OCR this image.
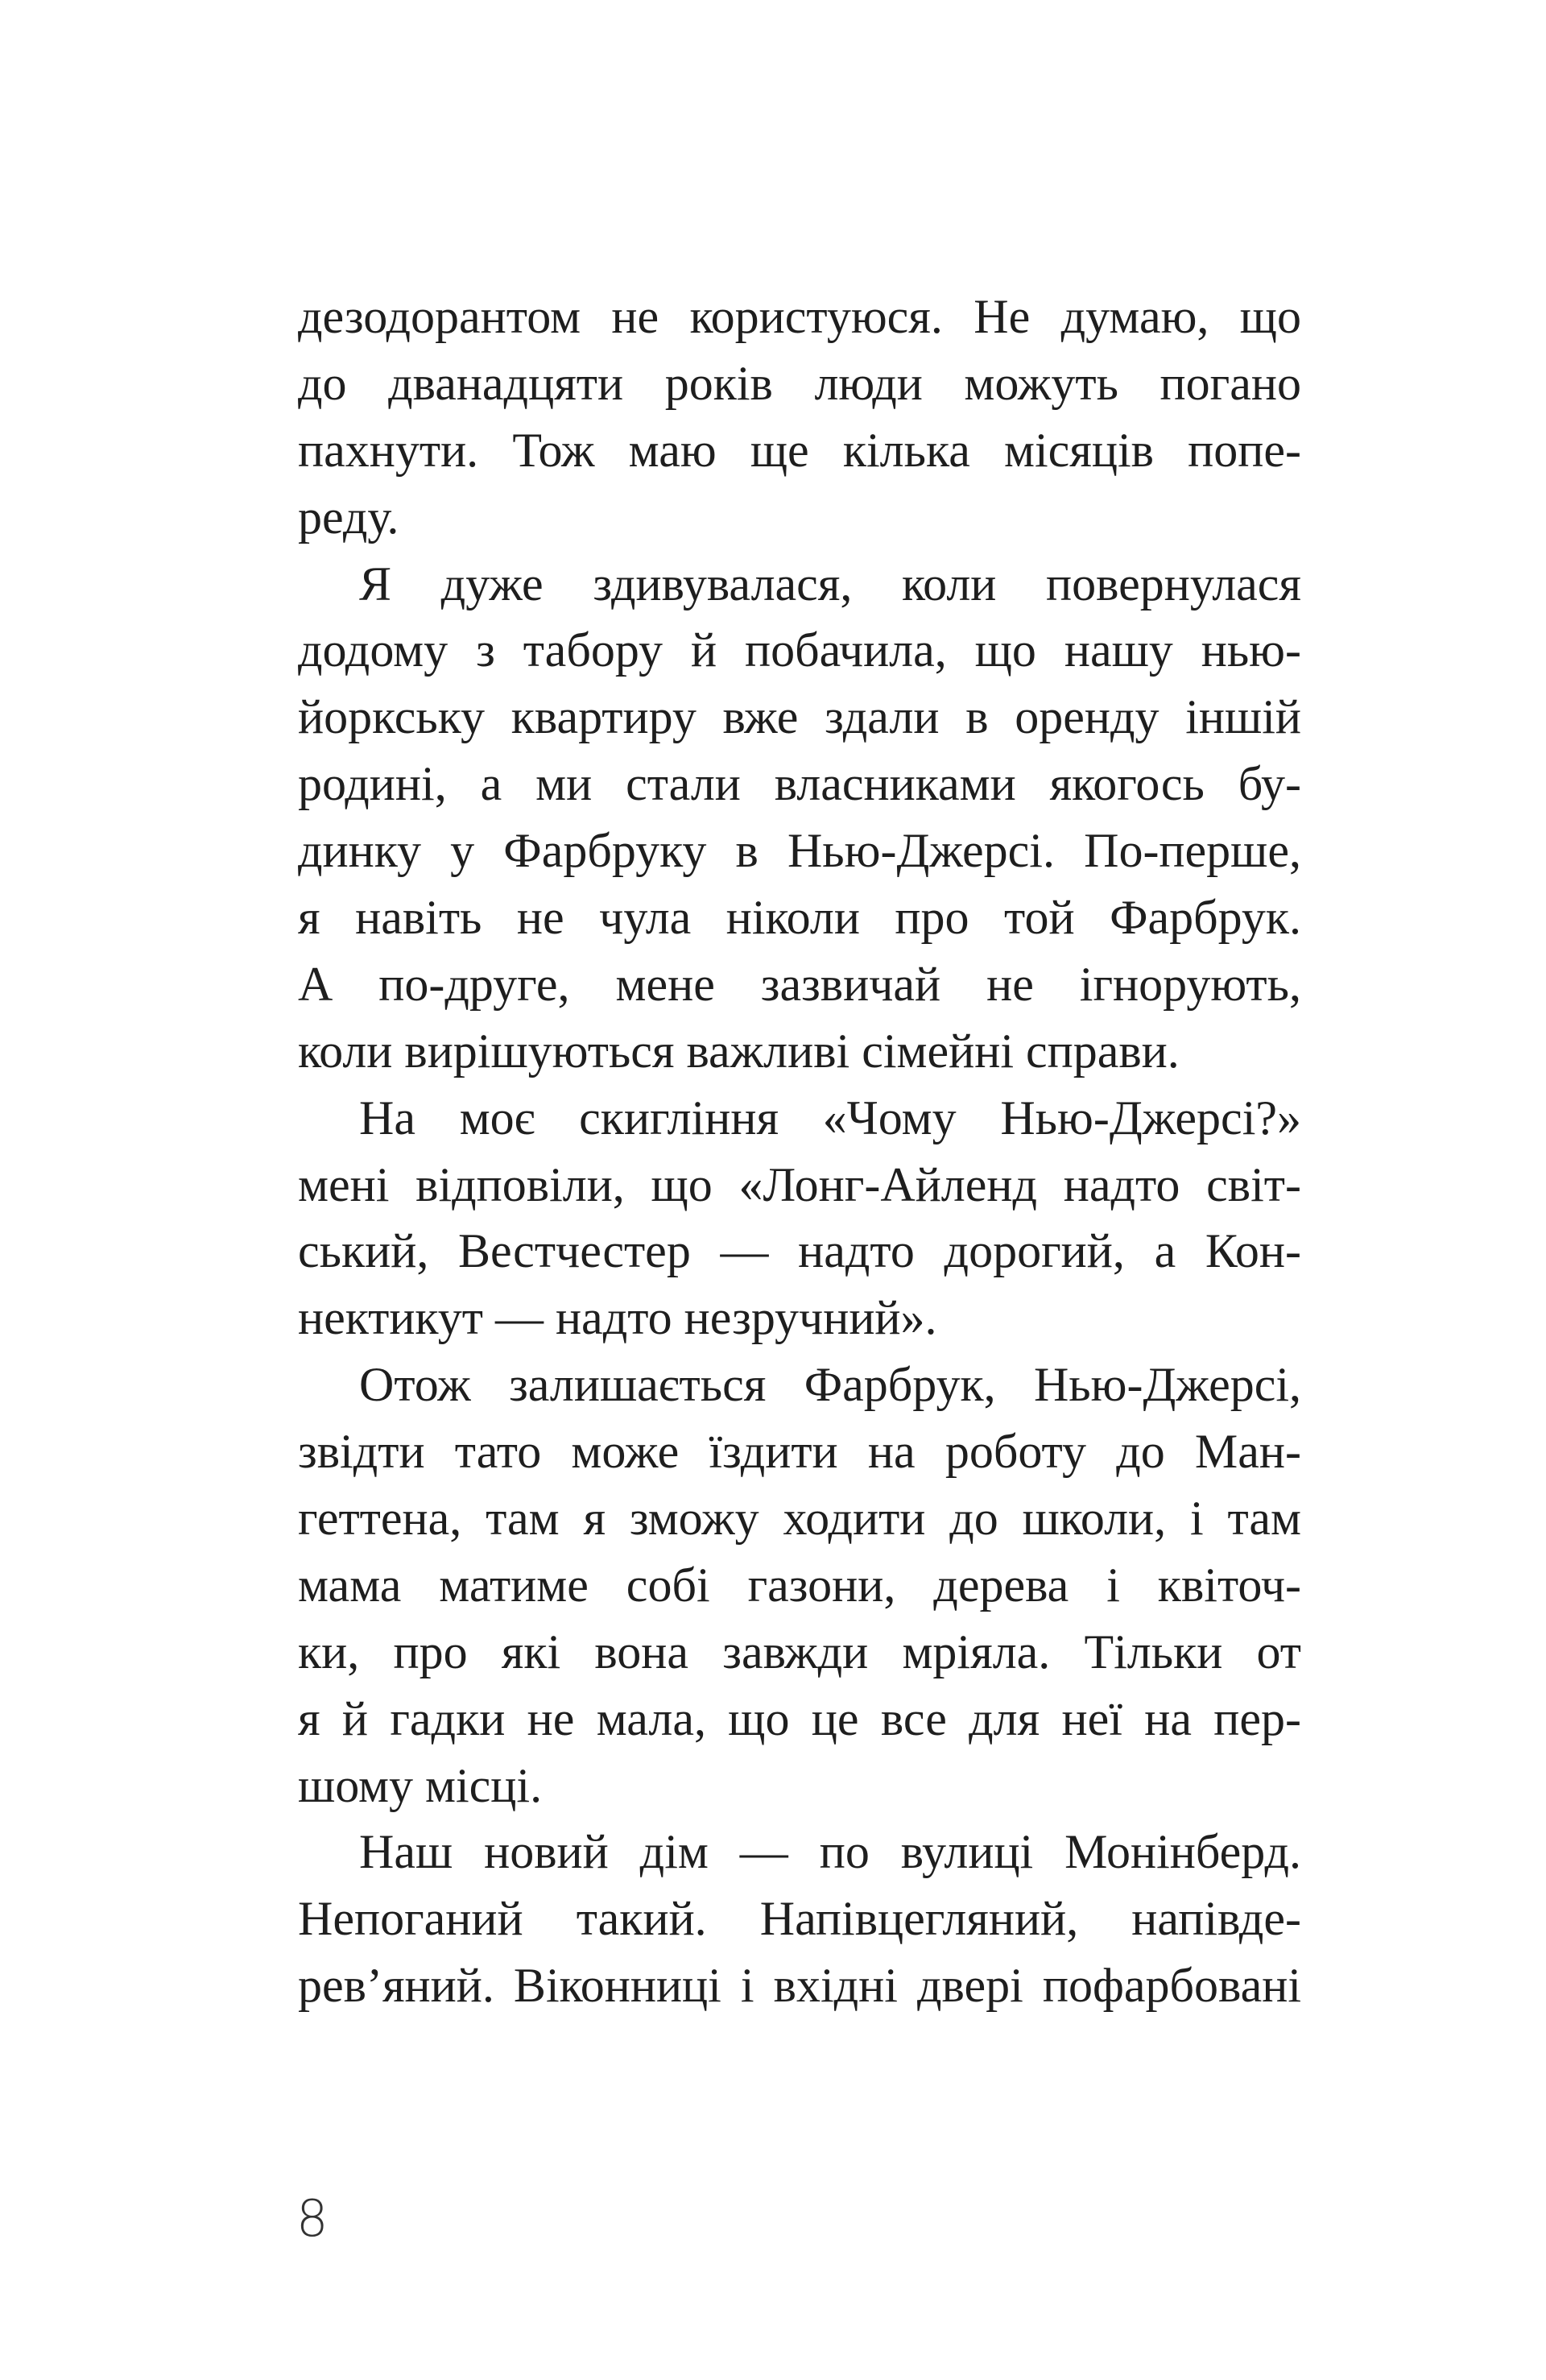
дезодорантом не користуюся. Не думаю, що
до дванадцяти років люди можуть погано
пахнути. Тож маю ще кілька місяців попе-
реду.
Я дуже здивувалася, коли повернулася
додому з табору й побачила, що нашу нью-
йоркську квартиру вже здали в оренду іншій
родині, а ми стали власниками якогось бу-
динку у Фарбруку в Нью-Джерсі. По-перше,
я навіть не чула ніколи про той Фарбрук.
А по-друге, мене зазвичай не ігнорують,
коли вирішуються важливі сімейні справи.
На моє скигління «Чому Нью-Джерсі?»
мені відповіли, що «Лонг-Айленд надто світ-
ський, Вестчестер — надто дорогий, а Кон-
нектикут — надто незручний».
Отож залишається Фарбрук, Нью-Джерсі,
звідти тато може їздити на роботу до Ман-
геттена, там я зможу ходити до школи, і там
мама матиме собі газони, дерева і квіточ-
ки, про які вона завжди мріяла. Тільки от
я й гадки не мала, що це все для неї на пер-
шому місці.
Наш новий дім — по вулиці Монінберд.
Непоганий такий. Напівцегляний, напівде-
рев’яний. Віконниці і вхідні двері пофарбовані
8
